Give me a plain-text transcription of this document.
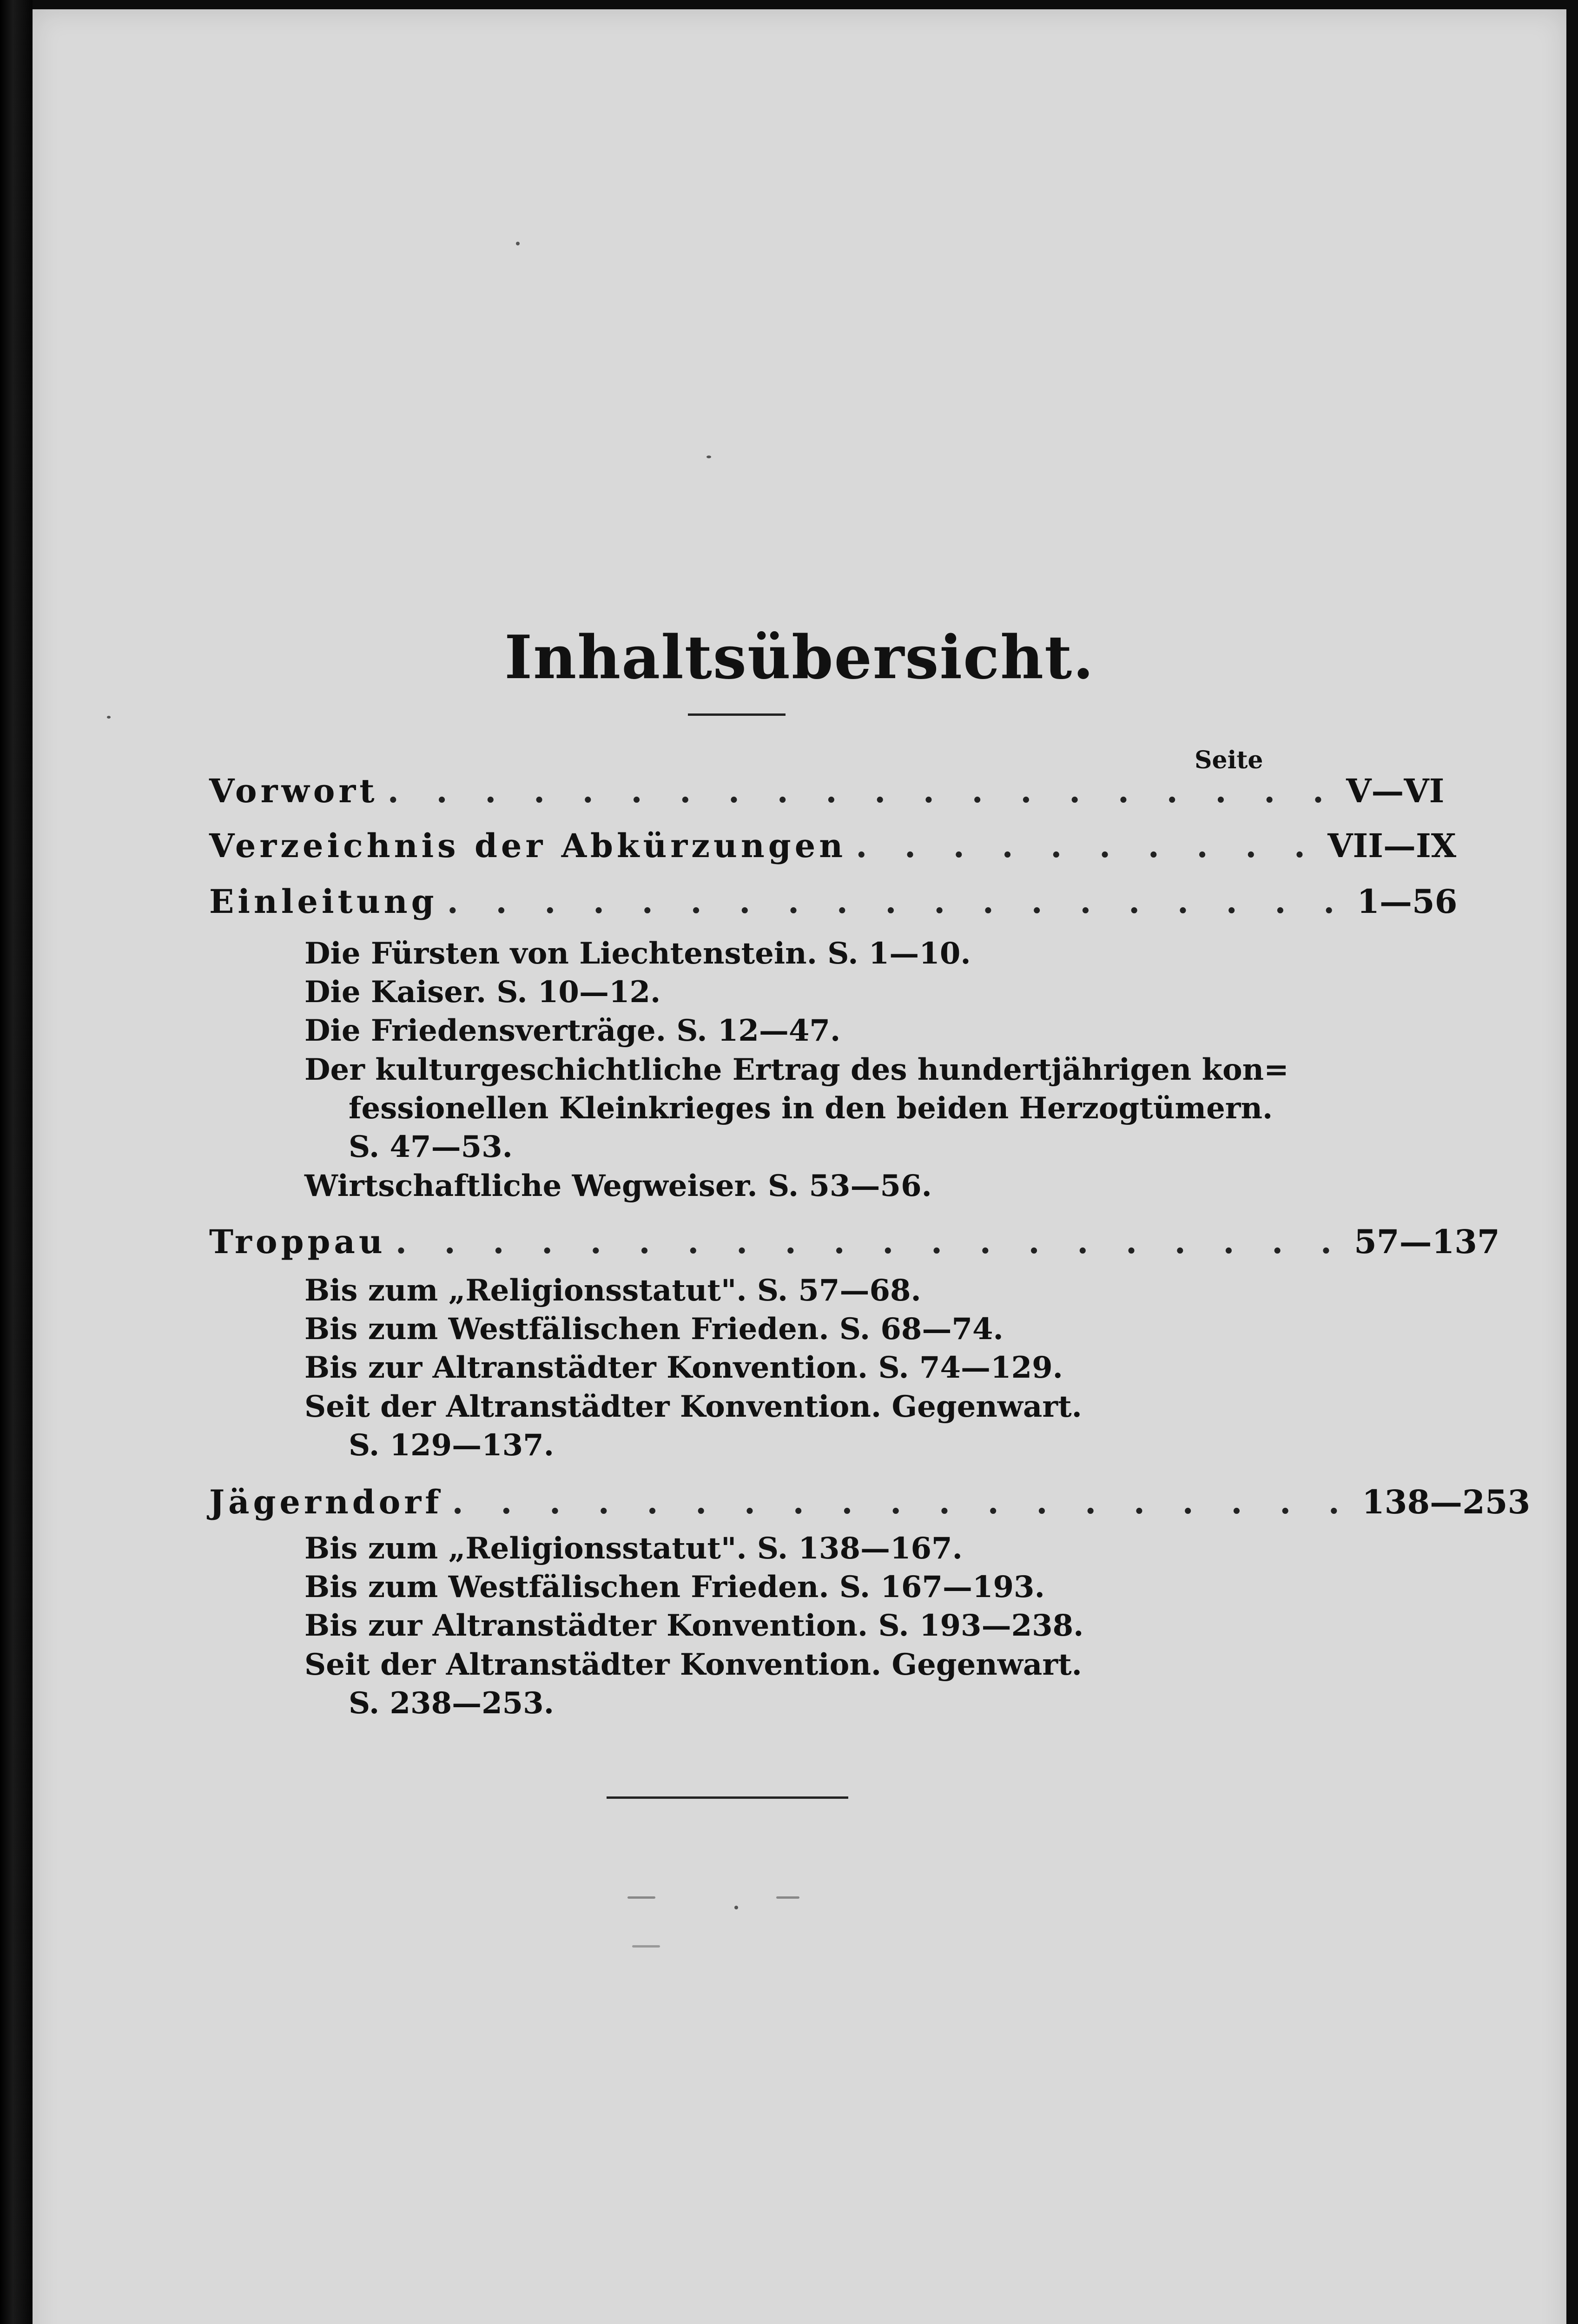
Inhaltsübersicht.
Seite
Vorwort . . . . . . . . . . . . . . . . . . . . V—VI
Verzeichnis der Abkürzungen . . . . . . . . . . VII—IX
Einleitung . . . . . . . . . . . . . . . . . . . 1—56
Die Fürsten von Liechtenstein. S. 1—10.
Die Kaiser. S. 10—12.
Die Friedensverträge. S. 12—47.
Der kulturgeschichtliche Ertrag des hundertjährigen kon=
fessionellen Kleinkrieges in den beiden Herzogtümern.
S. 47—53.
Wirtschaftliche Wegweiser. S. 53—56.
Troppau . . . . . . . . . . . . . . . . . . . . 57—137
Bis zum „Religionsstatut". S. 57—68.
Bis zum Westfälischen Frieden. S. 68—74.
Bis zur Altranstädter Konvention. S. 74—129.
Seit der Altranstädter Konvention. Gegenwart.
S. 129—137.
Jägerndorf . . . . . . . . . . . . . . . . . . . 138—253
Bis zum „Religionsstatut". S. 138—167.
Bis zum Westfälischen Frieden. S. 167—193.
Bis zur Altranstädter Konvention. S. 193—238.
Seit der Altranstädter Konvention. Gegenwart.
S. 238—253.
